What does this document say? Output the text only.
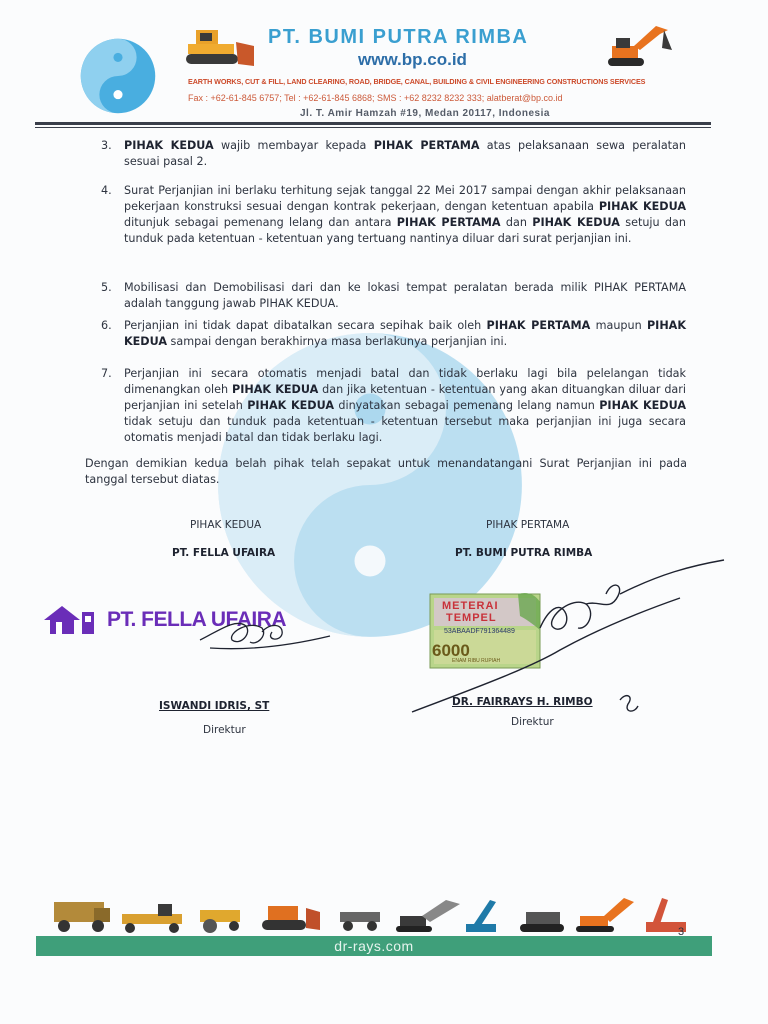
PT. BUMI PUTRA RIMBA
www.bp.co.id
EARTH WORKS, CUT & FILL, LAND CLEARING, ROAD, BRIDGE, CANAL, BUILDING & CIVIL ENGINEERING CONSTRUCTIONS SERVICES
Fax : +62-61-845 6757; Tel : +62-61-845 6868; SMS : +62 8232 8232 333; alatberat@bp.co.id
Jl. T. Amir Hamzah #19, Medan 20117, Indonesia
3.	PIHAK KEDUA wajib membayar kepada PIHAK PERTAMA atas pelaksanaan sewa peralatan sesuai pasal 2.
4.	Surat Perjanjian ini berlaku terhitung sejak tanggal 22 Mei 2017 sampai dengan akhir pelaksanaan pekerjaan konstruksi sesuai dengan kontrak pekerjaan, dengan ketentuan apabila PIHAK KEDUA ditunjuk sebagai pemenang lelang dan antara PIHAK PERTAMA dan PIHAK KEDUA setuju dan tunduk pada ketentuan - ketentuan yang tertuang nantinya diluar dari surat perjanjian ini.
5.	Mobilisasi dan Demobilisasi dari dan ke lokasi tempat peralatan berada milik PIHAK PERTAMA adalah tanggung jawab PIHAK KEDUA.
6.	Perjanjian ini tidak dapat dibatalkan secara sepihak baik oleh PIHAK PERTAMA maupun PIHAK KEDUA sampai dengan berakhirnya masa berlakunya perjanjian ini.
7.	Perjanjian ini secara otomatis menjadi batal dan tidak berlaku lagi bila pelelangan tidak dimenangkan oleh PIHAK KEDUA dan jika ketentuan - ketentuan yang akan dituangkan diluar dari perjanjian ini setelah PIHAK KEDUA dinyatakan sebagai pemenang lelang namun PIHAK KEDUA tidak setuju dan tunduk pada ketentuan - ketentuan tersebut maka perjanjian ini juga secara otomatis menjadi batal dan tidak berlaku lagi.
Dengan demikian kedua belah pihak telah sepakat untuk menandatangani Surat Perjanjian ini pada tanggal tersebut diatas.
PIHAK KEDUA
PT. FELLA UFAIRA
PT. FELLA UFAIRA
ISWANDI IDRIS, ST
Direktur
PIHAK PERTAMA
PT. BUMI PUTRA RIMBA
METERAI
TEMPEL
53ABAADF791364489
6000
ENAM RIBU RUPIAH
DR. FAIRRAYS H. RIMBO
Direktur
dr-rays.com
3
